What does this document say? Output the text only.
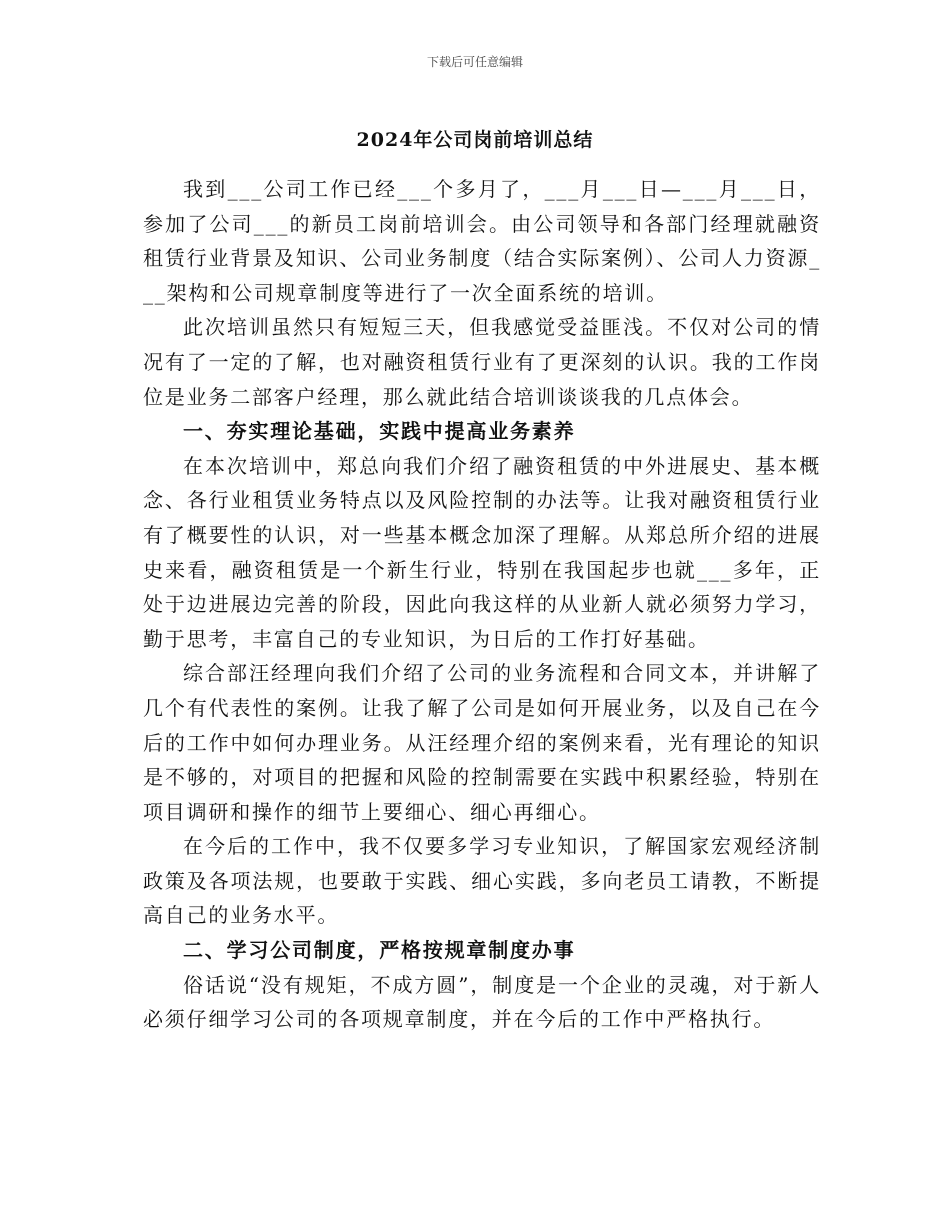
下载后可任意编辑
2024年公司岗前培训总结

我到___公司工作已经___个多月了，___月___日—___月___日，参加了公司___的新员工岗前培训会。由公司领导和各部门经理就融资租赁行业背景及知识、公司业务制度（结合实际案例）、公司人力资源___架构和公司规章制度等进行了一次全面系统的培训。

此次培训虽然只有短短三天，但我感觉受益匪浅。不仅对公司的情况有了一定的了解，也对融资租赁行业有了更深刻的认识。我的工作岗位是业务二部客户经理，那么就此结合培训谈谈我的几点体会。

一、夯实理论基础，实践中提高业务素养

在本次培训中，郑总向我们介绍了融资租赁的中外进展史、基本概念、各行业租赁业务特点以及风险控制的办法等。让我对融资租赁行业有了概要性的认识，对一些基本概念加深了理解。从郑总所介绍的进展史来看，融资租赁是一个新生行业，特别在我国起步也就___多年，正处于边进展边完善的阶段，因此向我这样的从业新人就必须努力学习，勤于思考，丰富自己的专业知识，为日后的工作打好基础。

综合部汪经理向我们介绍了公司的业务流程和合同文本，并讲解了几个有代表性的案例。让我了解了公司是如何开展业务，以及自己在今后的工作中如何办理业务。从汪经理介绍的案例来看，光有理论的知识是不够的，对项目的把握和风险的控制需要在实践中积累经验，特别在项目调研和操作的细节上要细心、细心再细心。

在今后的工作中，我不仅要多学习专业知识，了解国家宏观经济制政策及各项法规，也要敢于实践、细心实践，多向老员工请教，不断提高自己的业务水平。

二、学习公司制度，严格按规章制度办事

俗话说“没有规矩，不成方圆”，制度是一个企业的灵魂，对于新人必须仔细学习公司的各项规章制度，并在今后的工作中严格执行。
